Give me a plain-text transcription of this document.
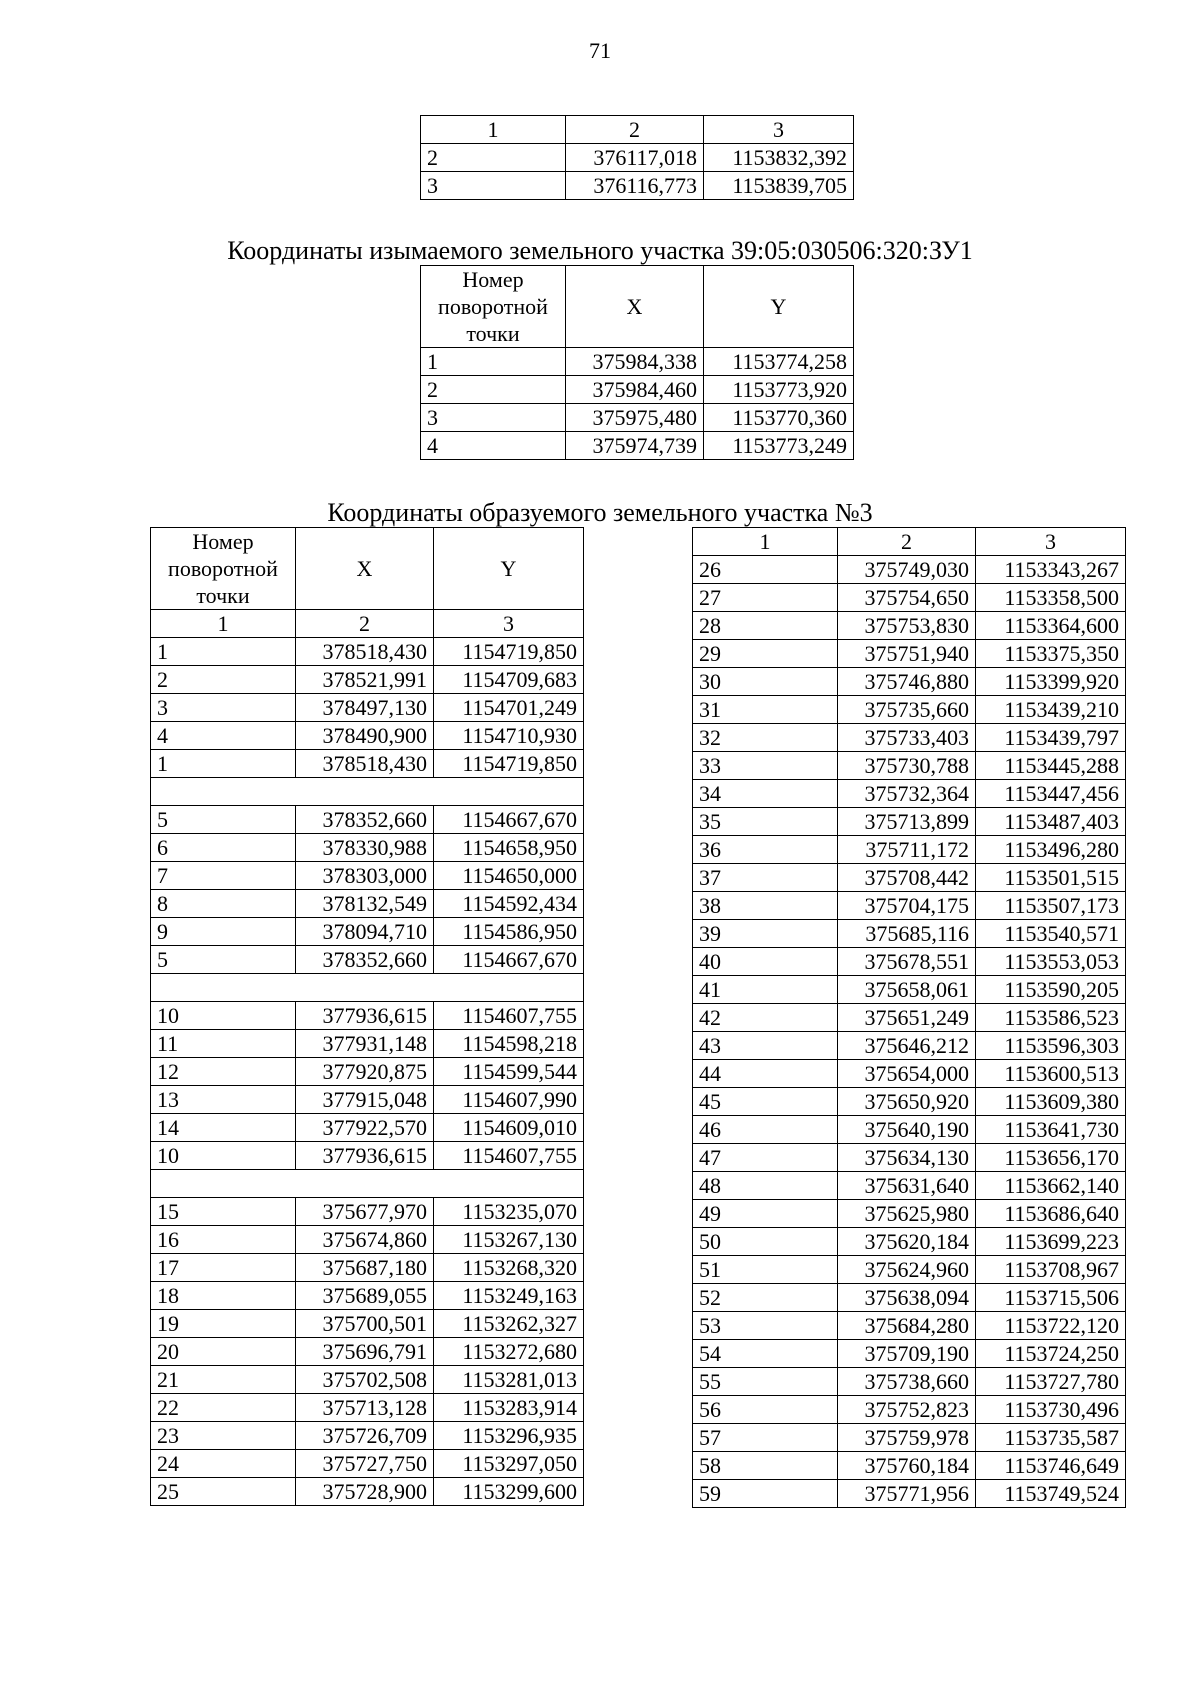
71
1	2	3
2	376117,018	1153832,392
3	376116,773	1153839,705
Координаты изымаемого земельного участка 39:05:030506:320:ЗУ1
Номер поворотной точки	X	Y
1	375984,338	1153774,258
2	375984,460	1153773,920
3	375975,480	1153770,360
4	375974,739	1153773,249
Координаты образуемого земельного участка №3
Номер поворотной точки	X	Y
1	2	3
1	378518,430	1154719,850
2	378521,991	1154709,683
3	378497,130	1154701,249
4	378490,900	1154710,930
1	378518,430	1154719,850

5	378352,660	1154667,670
6	378330,988	1154658,950
7	378303,000	1154650,000
8	378132,549	1154592,434
9	378094,710	1154586,950
5	378352,660	1154667,670

10	377936,615	1154607,755
11	377931,148	1154598,218
12	377920,875	1154599,544
13	377915,048	1154607,990
14	377922,570	1154609,010
10	377936,615	1154607,755

15	375677,970	1153235,070
16	375674,860	1153267,130
17	375687,180	1153268,320
18	375689,055	1153249,163
19	375700,501	1153262,327
20	375696,791	1153272,680
21	375702,508	1153281,013
22	375713,128	1153283,914
23	375726,709	1153296,935
24	375727,750	1153297,050
25	375728,900	1153299,600
1	2	3
26	375749,030	1153343,267
27	375754,650	1153358,500
28	375753,830	1153364,600
29	375751,940	1153375,350
30	375746,880	1153399,920
31	375735,660	1153439,210
32	375733,403	1153439,797
33	375730,788	1153445,288
34	375732,364	1153447,456
35	375713,899	1153487,403
36	375711,172	1153496,280
37	375708,442	1153501,515
38	375704,175	1153507,173
39	375685,116	1153540,571
40	375678,551	1153553,053
41	375658,061	1153590,205
42	375651,249	1153586,523
43	375646,212	1153596,303
44	375654,000	1153600,513
45	375650,920	1153609,380
46	375640,190	1153641,730
47	375634,130	1153656,170
48	375631,640	1153662,140
49	375625,980	1153686,640
50	375620,184	1153699,223
51	375624,960	1153708,967
52	375638,094	1153715,506
53	375684,280	1153722,120
54	375709,190	1153724,250
55	375738,660	1153727,780
56	375752,823	1153730,496
57	375759,978	1153735,587
58	375760,184	1153746,649
59	375771,956	1153749,524
